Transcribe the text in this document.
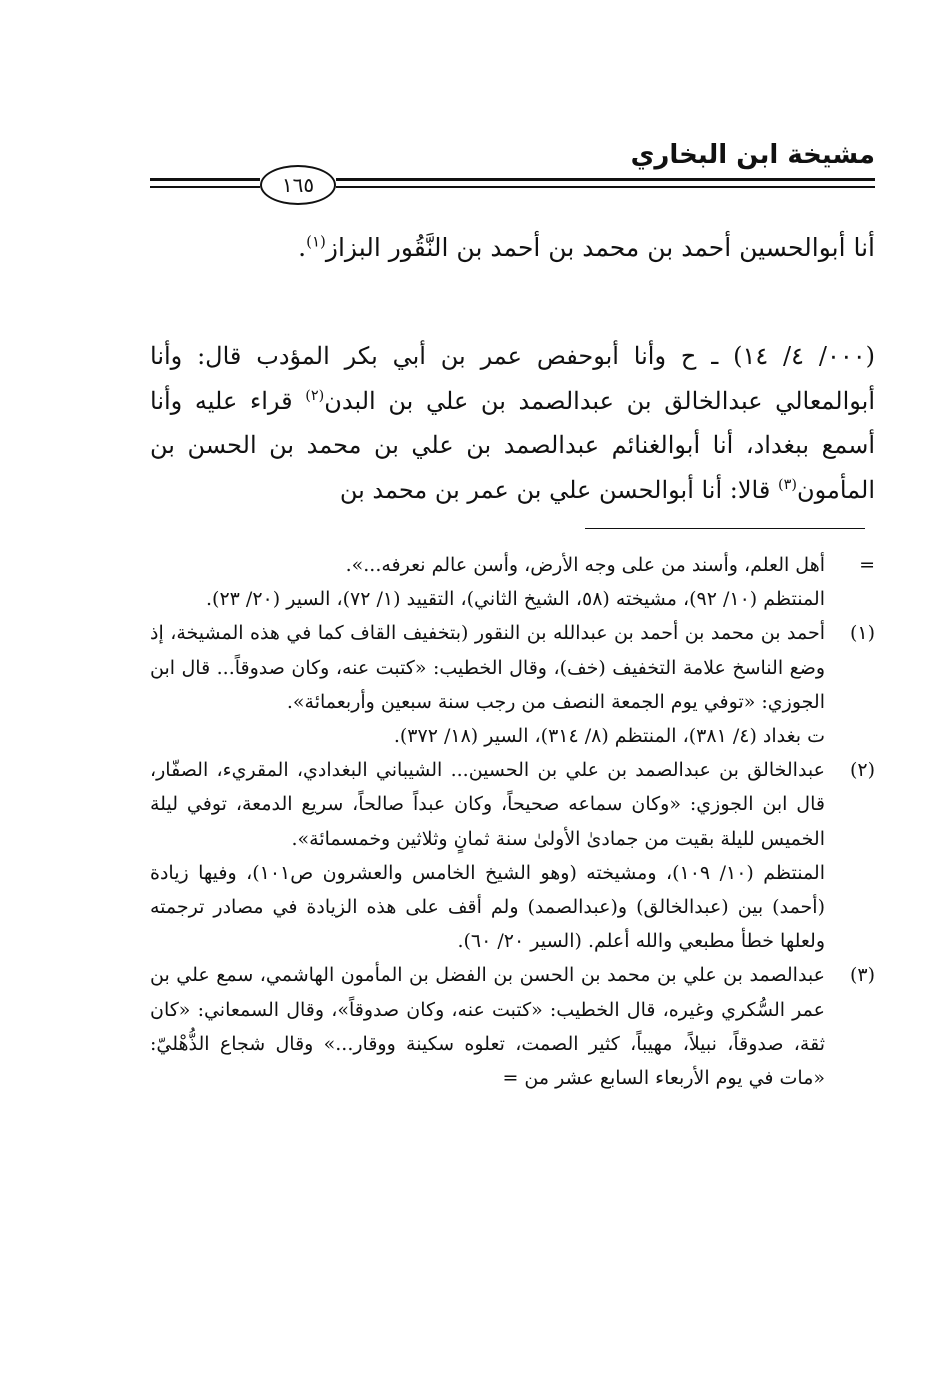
مشيخة ابن البخاري
١٦٥
أنا أبوالحسين أحمد بن محمد بن أحمد بن النَّقُور البزاز$^{(١)}$.
(٠٠٠/ ٤/ ١٤) ـ ح وأنا أبوحفص عمر بن أبي بكر المؤدب قال: وأنا أبوالمعالي عبدالخالق بن عبدالصمد بن علي بن البدن$^{(٢)}$ قراء عليه وأنا أسمع ببغداد، أنا أبوالغنائم عبدالصمد بن علي بن محمد بن الحسن بن المأمون$^{(٣)}$ قالا: أنا أبوالحسن علي بن عمر بن محمد بن
=

أهل العلم، وأسند من على وجه الأرض، وأسن عالم نعرفه...».

المنتظم (١٠/ ٩٢)، مشيخته (٥٨، الشيخ الثاني)، التقييد (١/ ٧٢)، السير (٢٠/ ٢٣).

(١)

أحمد بن محمد بن أحمد بن عبدالله بن النقور (بتخفيف القاف كما في هذه المشيخة، إذ وضع الناسخ علامة التخفيف (خف)، وقال الخطيب: «كتبت عنه، وكان صدوقاً... قال ابن الجوزي: «توفي يوم الجمعة النصف من رجب سنة سبعين وأربعمائة».

ت بغداد (٤/ ٣٨١)، المنتظم (٨/ ٣١٤)، السير (١٨/ ٣٧٢).

(٢)

عبدالخالق بن عبدالصمد بن علي بن الحسين... الشيباني البغدادي، المقريء، الصفّار، قال ابن الجوزي: «وكان سماعه صحيحاً، وكان عبداً صالحاً، سريع الدمعة، توفي ليلة الخميس لليلة بقيت من جمادىٰ الأولىٰ سنة ثمانٍ وثلاثين وخمسمائة».

المنتظم (١٠/ ١٠٩)، ومشيخته (وهو الشيخ الخامس والعشرون ص١٠١)، وفيها زيادة (أحمد) بين (عبدالخالق) و(عبدالصمد) ولم أقف على هذه الزيادة في مصادر ترجمته ولعلها خطأ مطبعي والله أعلم. (السير ٢٠/ ٦٠).

(٣)

عبدالصمد بن علي بن محمد بن الحسن بن الفضل بن المأمون الهاشمي، سمع علي بن عمر السُّكري وغيره، قال الخطيب: «كتبت عنه، وكان صدوقاً»، وقال السمعاني: «كان ثقة، صدوقاً، نبيلاً، مهيباً، كثير الصمت، تعلوه سكينة ووقار...» وقال شجاع الذُّهْليّ: «مات في يوم الأربعاء السابع عشر من =
